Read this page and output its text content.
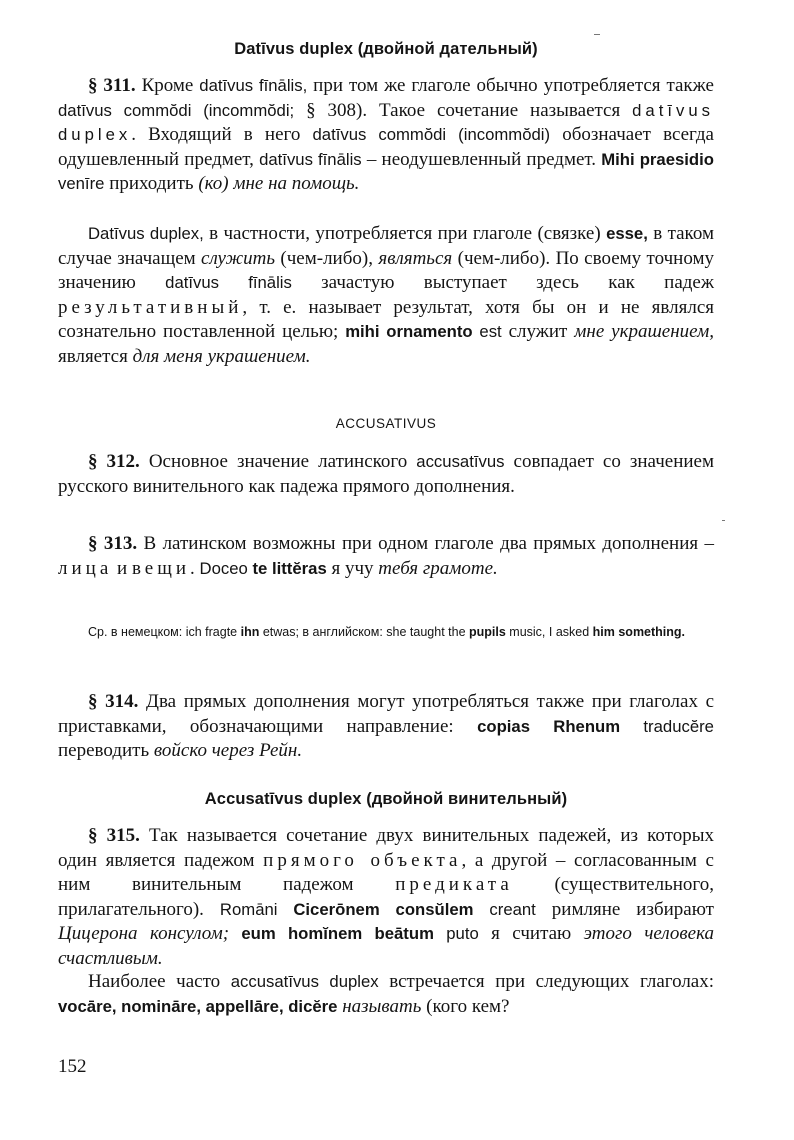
Datīvus duplex (двойной дательный)

§ 311. Кроме datīvus fīnālis, при том же глаголе обычно употребляется также datīvus commŏdi (incommŏdi; § 308). Такое сочетание называется datīvus duplex. Входящий в него datīvus commŏdi (incommŏdi) обозначает всегда одушевленный предмет, datīvus fīnālis – неодушевленный предмет. Mihi praesidio venīre приходить (ко) мне на помощь.

Datīvus duplex, в частности, употребляется при глаголе (связке) esse, в таком случае значащем служить (чем-либо), являться (чем-либо). По своему точному значению datīvus fīnālis зачастую выступает здесь как падеж результативный, т. е. называет результат, хотя бы он и не являлся сознательно поставленной целью; mihi ornamento est служит мне украшением, является для меня украшением.

ACCUSATIVUS

§ 312. Основное значение латинского accusatīvus совпадает со значением русского винительного как падежа прямого дополнения.

§ 313. В латинском возможны при одном глаголе два прямых дополнения – лица и вещи. Doceo te littĕras я учу тебя грамоте.

Ср. в немецком: ich fragte ihn etwas; в английском: she taught the pupils music, I asked him something.

§ 314. Два прямых дополнения могут употребляться также при глаголах с приставками, обозначающими направление: copias Rhenum traducĕre переводить войско через Рейн.

Accusatīvus duplex (двойной винительный)

§ 315. Так называется сочетание двух винительных падежей, из которых один является падежом прямого объекта, а другой – согласованным с ним винительным падежом предиката (существительного, прилагательного). Romāni Cicerōnem consŭlem creant римляне избирают Цицерона консулом; eum homĭnem beātum puto я считаю этого человека счастливым.

Наиболее часто accusatīvus duplex встречается при следующих глаголах: vocāre, nomināre, appellāre, dicĕre называть (кого кем?

152
